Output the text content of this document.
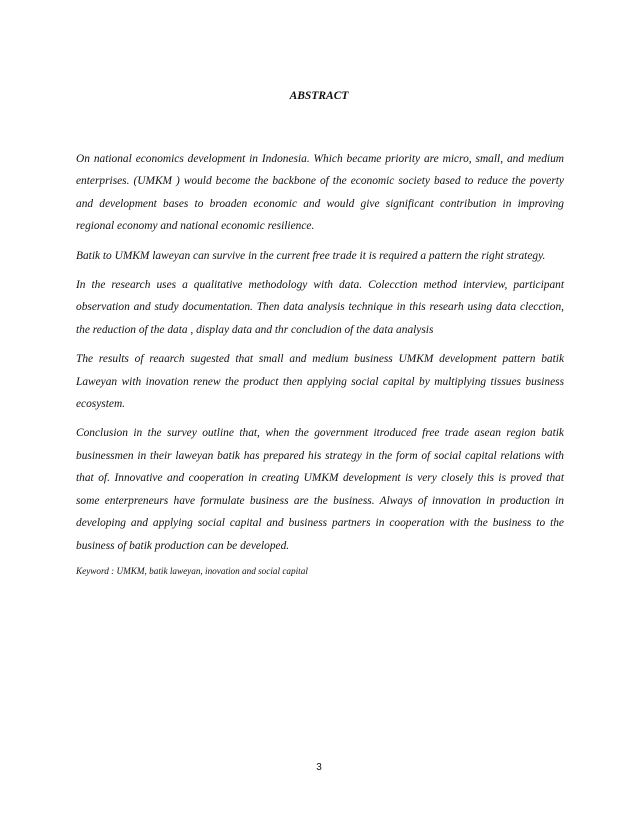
ABSTRACT

On national economics development in Indonesia. Which became priority are micro, small, and medium enterprises. (UMKM ) would become the backbone of the economic society based to reduce the poverty and development bases to broaden economic and would give significant contribution in improving regional economy and national economic resilience.

Batik to UMKM laweyan can survive in the current free trade it is required a pattern the right strategy.

In the research uses a qualitative methodology with data. Colecction method interview, participant observation and study documentation. Then data analysis technique in this researh using data clecction, the reduction of the data , display data and thr concludion of the data analysis

The results of reaarch sugested that small and medium business UMKM development pattern batik Laweyan with inovation renew the product then applying social capital by multiplying tissues business ecosystem.

Conclusion in the survey outline that, when the government itroduced free trade asean region batik businessmen in their laweyan batik has prepared his strategy in the form of social capital relations with that of. Innovative and cooperation in creating UMKM development is very closely this is proved that some enterpreneurs have formulate business are the business. Always of innovation in production in developing and applying social capital and business partners in cooperation with the business to the business of batik production can be developed.

Keyword : UMKM, batik laweyan, inovation and social capital

3
